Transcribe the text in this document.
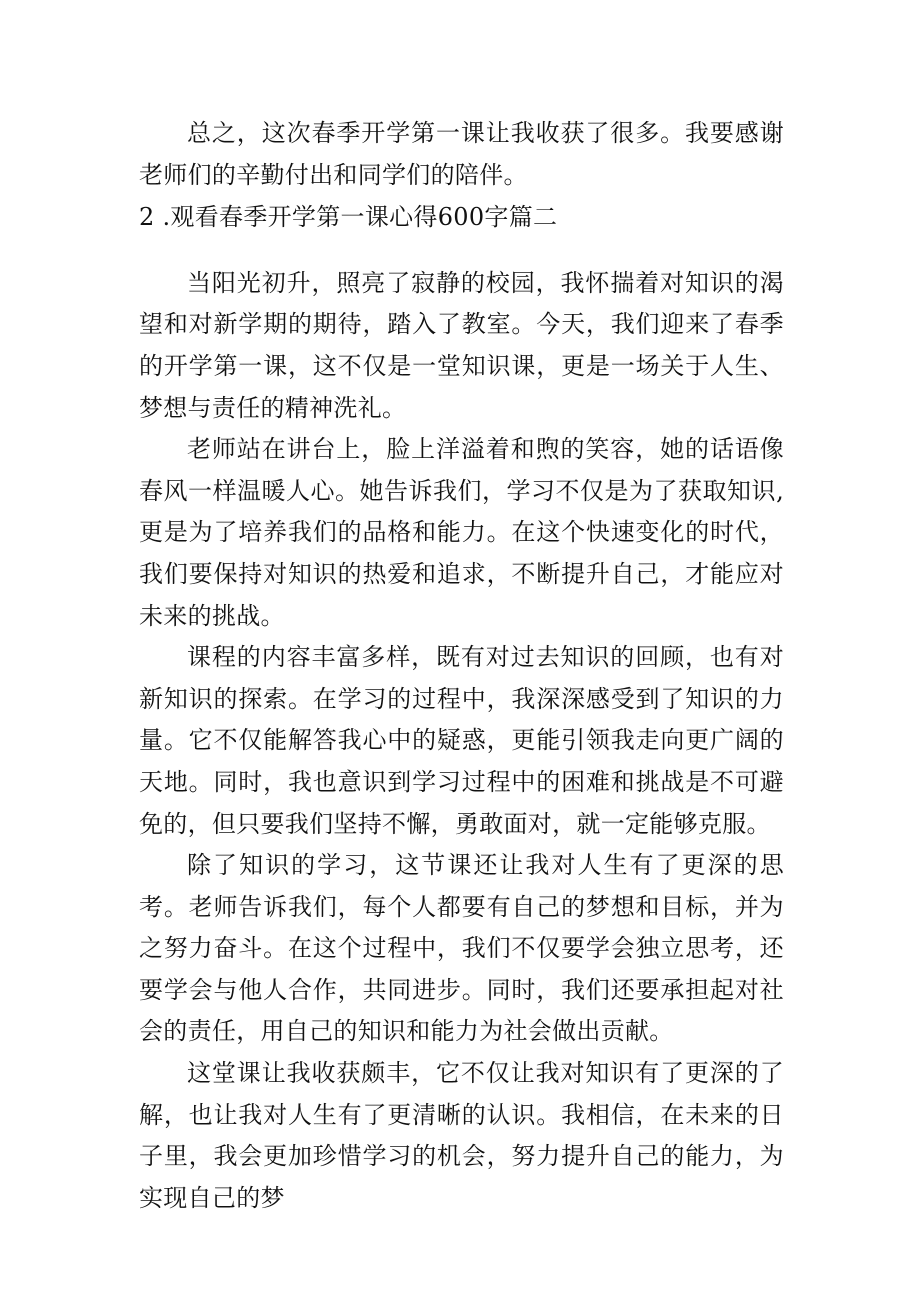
总之，这次春季开学第一课让我收获了很多。我要感谢老师们的辛勤付出和同学们的陪伴。

2 .观看春季开学第一课心得600字篇二

当阳光初升，照亮了寂静的校园，我怀揣着对知识的渴望和对新学期的期待，踏入了教室。今天，我们迎来了春季的开学第一课，这不仅是一堂知识课，更是一场关于人生、梦想与责任的精神洗礼。

老师站在讲台上，脸上洋溢着和煦的笑容，她的话语像春风一样温暖人心。她告诉我们，学习不仅是为了获取知识,更是为了培养我们的品格和能力。在这个快速变化的时代，我们要保持对知识的热爱和追求，不断提升自己，才能应对未来的挑战。

课程的内容丰富多样，既有对过去知识的回顾，也有对新知识的探索。在学习的过程中，我深深感受到了知识的力量。它不仅能解答我心中的疑惑，更能引领我走向更广阔的天地。同时，我也意识到学习过程中的困难和挑战是不可避免的，但只要我们坚持不懈，勇敢面对，就一定能够克服。

除了知识的学习，这节课还让我对人生有了更深的思考。老师告诉我们，每个人都要有自己的梦想和目标，并为之努力奋斗。在这个过程中，我们不仅要学会独立思考，还要学会与他人合作，共同进步。同时，我们还要承担起对社会的责任，用自己的知识和能力为社会做出贡献。

这堂课让我收获颇丰，它不仅让我对知识有了更深的了解，也让我对人生有了更清晰的认识。我相信，在未来的日子里，我会更加珍惜学习的机会，努力提升自己的能力，为实现自己的梦
